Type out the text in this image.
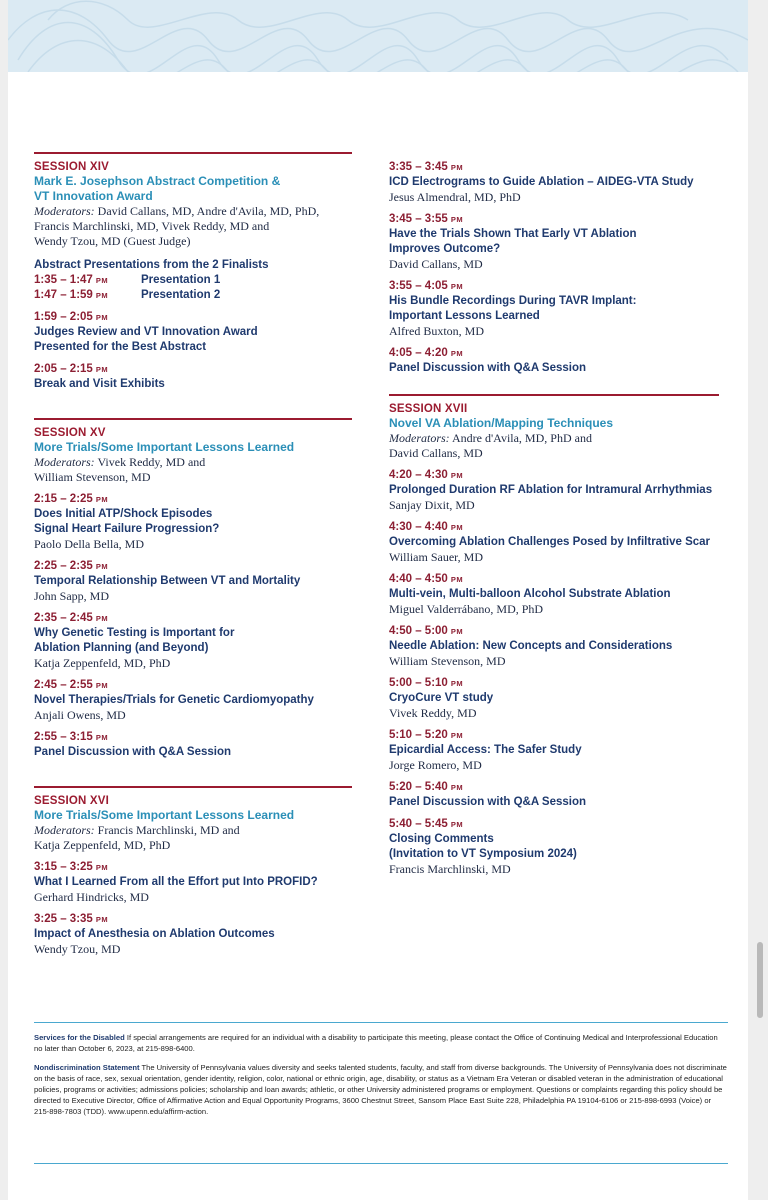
SESSION XIV
Mark E. Josephson Abstract Competition &
VT Innovation Award
Moderators: David Callans, MD, Andre d'Avila, MD, PhD,
Francis Marchlinski, MD, Vivek Reddy, MD and
Wendy Tzou, MD (Guest Judge)
Abstract Presentations from the 2 Finalists
1:35 – 1:47 PM	Presentation 1
1:47 – 1:59 PM	Presentation 2
1:59 – 2:05 PM
Judges Review and VT Innovation Award
Presented for the Best Abstract
2:05 – 2:15 PM
Break and Visit Exhibits
SESSION XV
More Trials/Some Important Lessons Learned
Moderators: Vivek Reddy, MD and
William Stevenson, MD
2:15 – 2:25 PM
Does Initial ATP/Shock Episodes
Signal Heart Failure Progression?
Paolo Della Bella, MD
2:25 – 2:35 PM
Temporal Relationship Between VT and Mortality
John Sapp, MD
2:35 – 2:45 PM
Why Genetic Testing is Important for
Ablation Planning (and Beyond)
Katja Zeppenfeld, MD, PhD
2:45 – 2:55 PM
Novel Therapies/Trials for Genetic Cardiomyopathy
Anjali Owens, MD
2:55 – 3:15 PM
Panel Discussion with Q&A Session
SESSION XVI
More Trials/Some Important Lessons Learned
Moderators: Francis Marchlinski, MD and
Katja Zeppenfeld, MD, PhD
3:15 – 3:25 PM
What I Learned From all the Effort put Into PROFID?
Gerhard Hindricks, MD
3:25 – 3:35 PM
Impact of Anesthesia on Ablation Outcomes
Wendy Tzou, MD
3:35 – 3:45 PM
ICD Electrograms to Guide Ablation – AIDEG-VTA Study
Jesus Almendral, MD, PhD
3:45 – 3:55 PM
Have the Trials Shown That Early VT Ablation
Improves Outcome?
David Callans, MD
3:55 – 4:05 PM
His Bundle Recordings During TAVR Implant:
Important Lessons Learned
Alfred Buxton, MD
4:05 – 4:20 PM
Panel Discussion with Q&A Session
SESSION XVII
Novel VA Ablation/Mapping Techniques
Moderators: Andre d'Avila, MD, PhD and
David Callans, MD
4:20 – 4:30 PM
Prolonged Duration RF Ablation for Intramural Arrhythmias
Sanjay Dixit, MD
4:30 – 4:40 PM
Overcoming Ablation Challenges Posed by Infiltrative Scar
William Sauer, MD
4:40 – 4:50 PM
Multi-vein, Multi-balloon Alcohol Substrate Ablation
Miguel Valderrábano, MD, PhD
4:50 – 5:00 PM
Needle Ablation: New Concepts and Considerations
William Stevenson, MD
5:00 – 5:10 PM
CryoCure VT study
Vivek Reddy, MD
5:10 – 5:20 PM
Epicardial Access: The Safer Study
Jorge Romero, MD
5:20 – 5:40 PM
Panel Discussion with Q&A Session
5:40 – 5:45 PM
Closing Comments
(Invitation to VT Symposium 2024)
Francis Marchlinski, MD

Services for the Disabled If special arrangements are required for an individual with a disability to participate this meeting, please contact the Office of Continuing Medical and Interprofessional Education no later than October 6, 2023, at 215-898-6400.

Nondiscrimination Statement The University of Pennsylvania values diversity and seeks talented students, faculty, and staff from diverse backgrounds. The University of Pennsylvania does not discriminate on the basis of race, sex, sexual orientation, gender identity, religion, color, national or ethnic origin, age, disability, or status as a Vietnam Era Veteran or disabled veteran in the administration of educational policies, programs or activities; admissions policies; scholarship and loan awards; athletic, or other University administered programs or employment. Questions or complaints regarding this policy should be directed to Executive Director, Office of Affirmative Action and Equal Opportunity Programs, 3600 Chestnut Street, Sansom Place East Suite 228, Philadelphia PA 19104-6106 or 215-898-6993 (Voice) or 215-898-7803 (TDD). www.upenn.edu/affirm-action.
